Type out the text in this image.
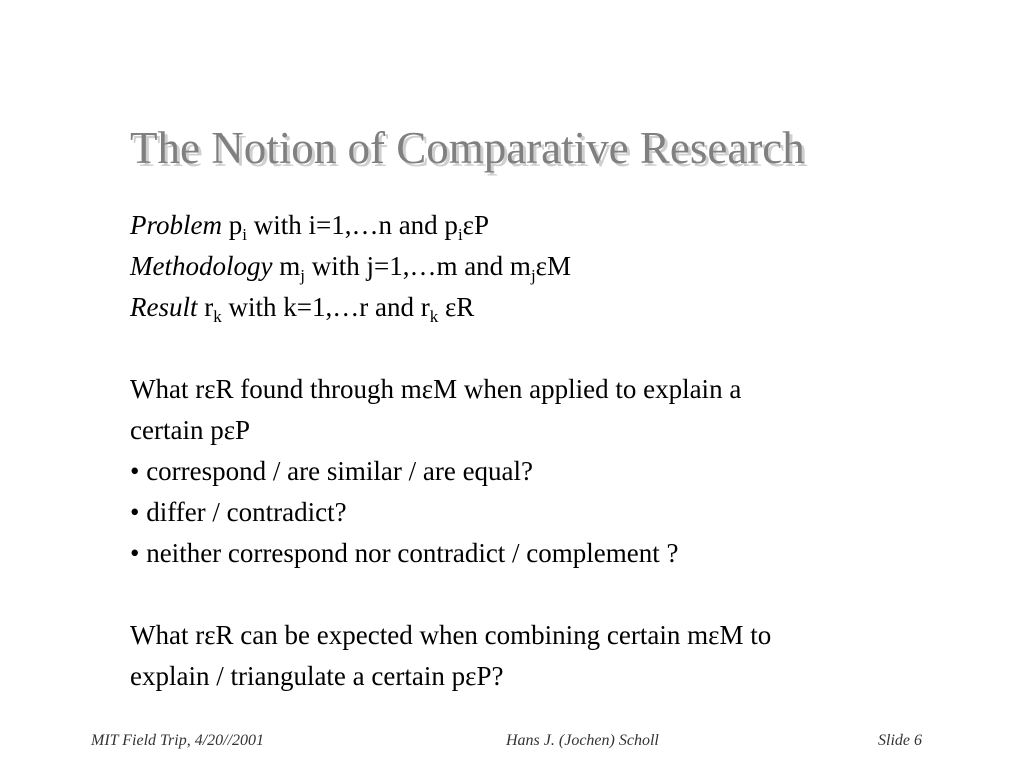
The Notion of Comparative Research
Problem $p_i$ with i=1,…n and $p_i\varepsilon P$
Methodology $m_j$ with j=1,…m and $m_j\varepsilon M$
Result $r_k$ with k=1,…r and $r_k$ εR
What rεR found through mεM when applied to explain a
certain pεP
• correspond / are similar / are equal?
• differ / contradict?
• neither correspond nor contradict / complement ?
What rεR can be expected when combining certain mεM to
explain / triangulate a certain pεP?
MIT Field Trip, 4/20//2001	Hans J. (Jochen) Scholl	Slide 6
